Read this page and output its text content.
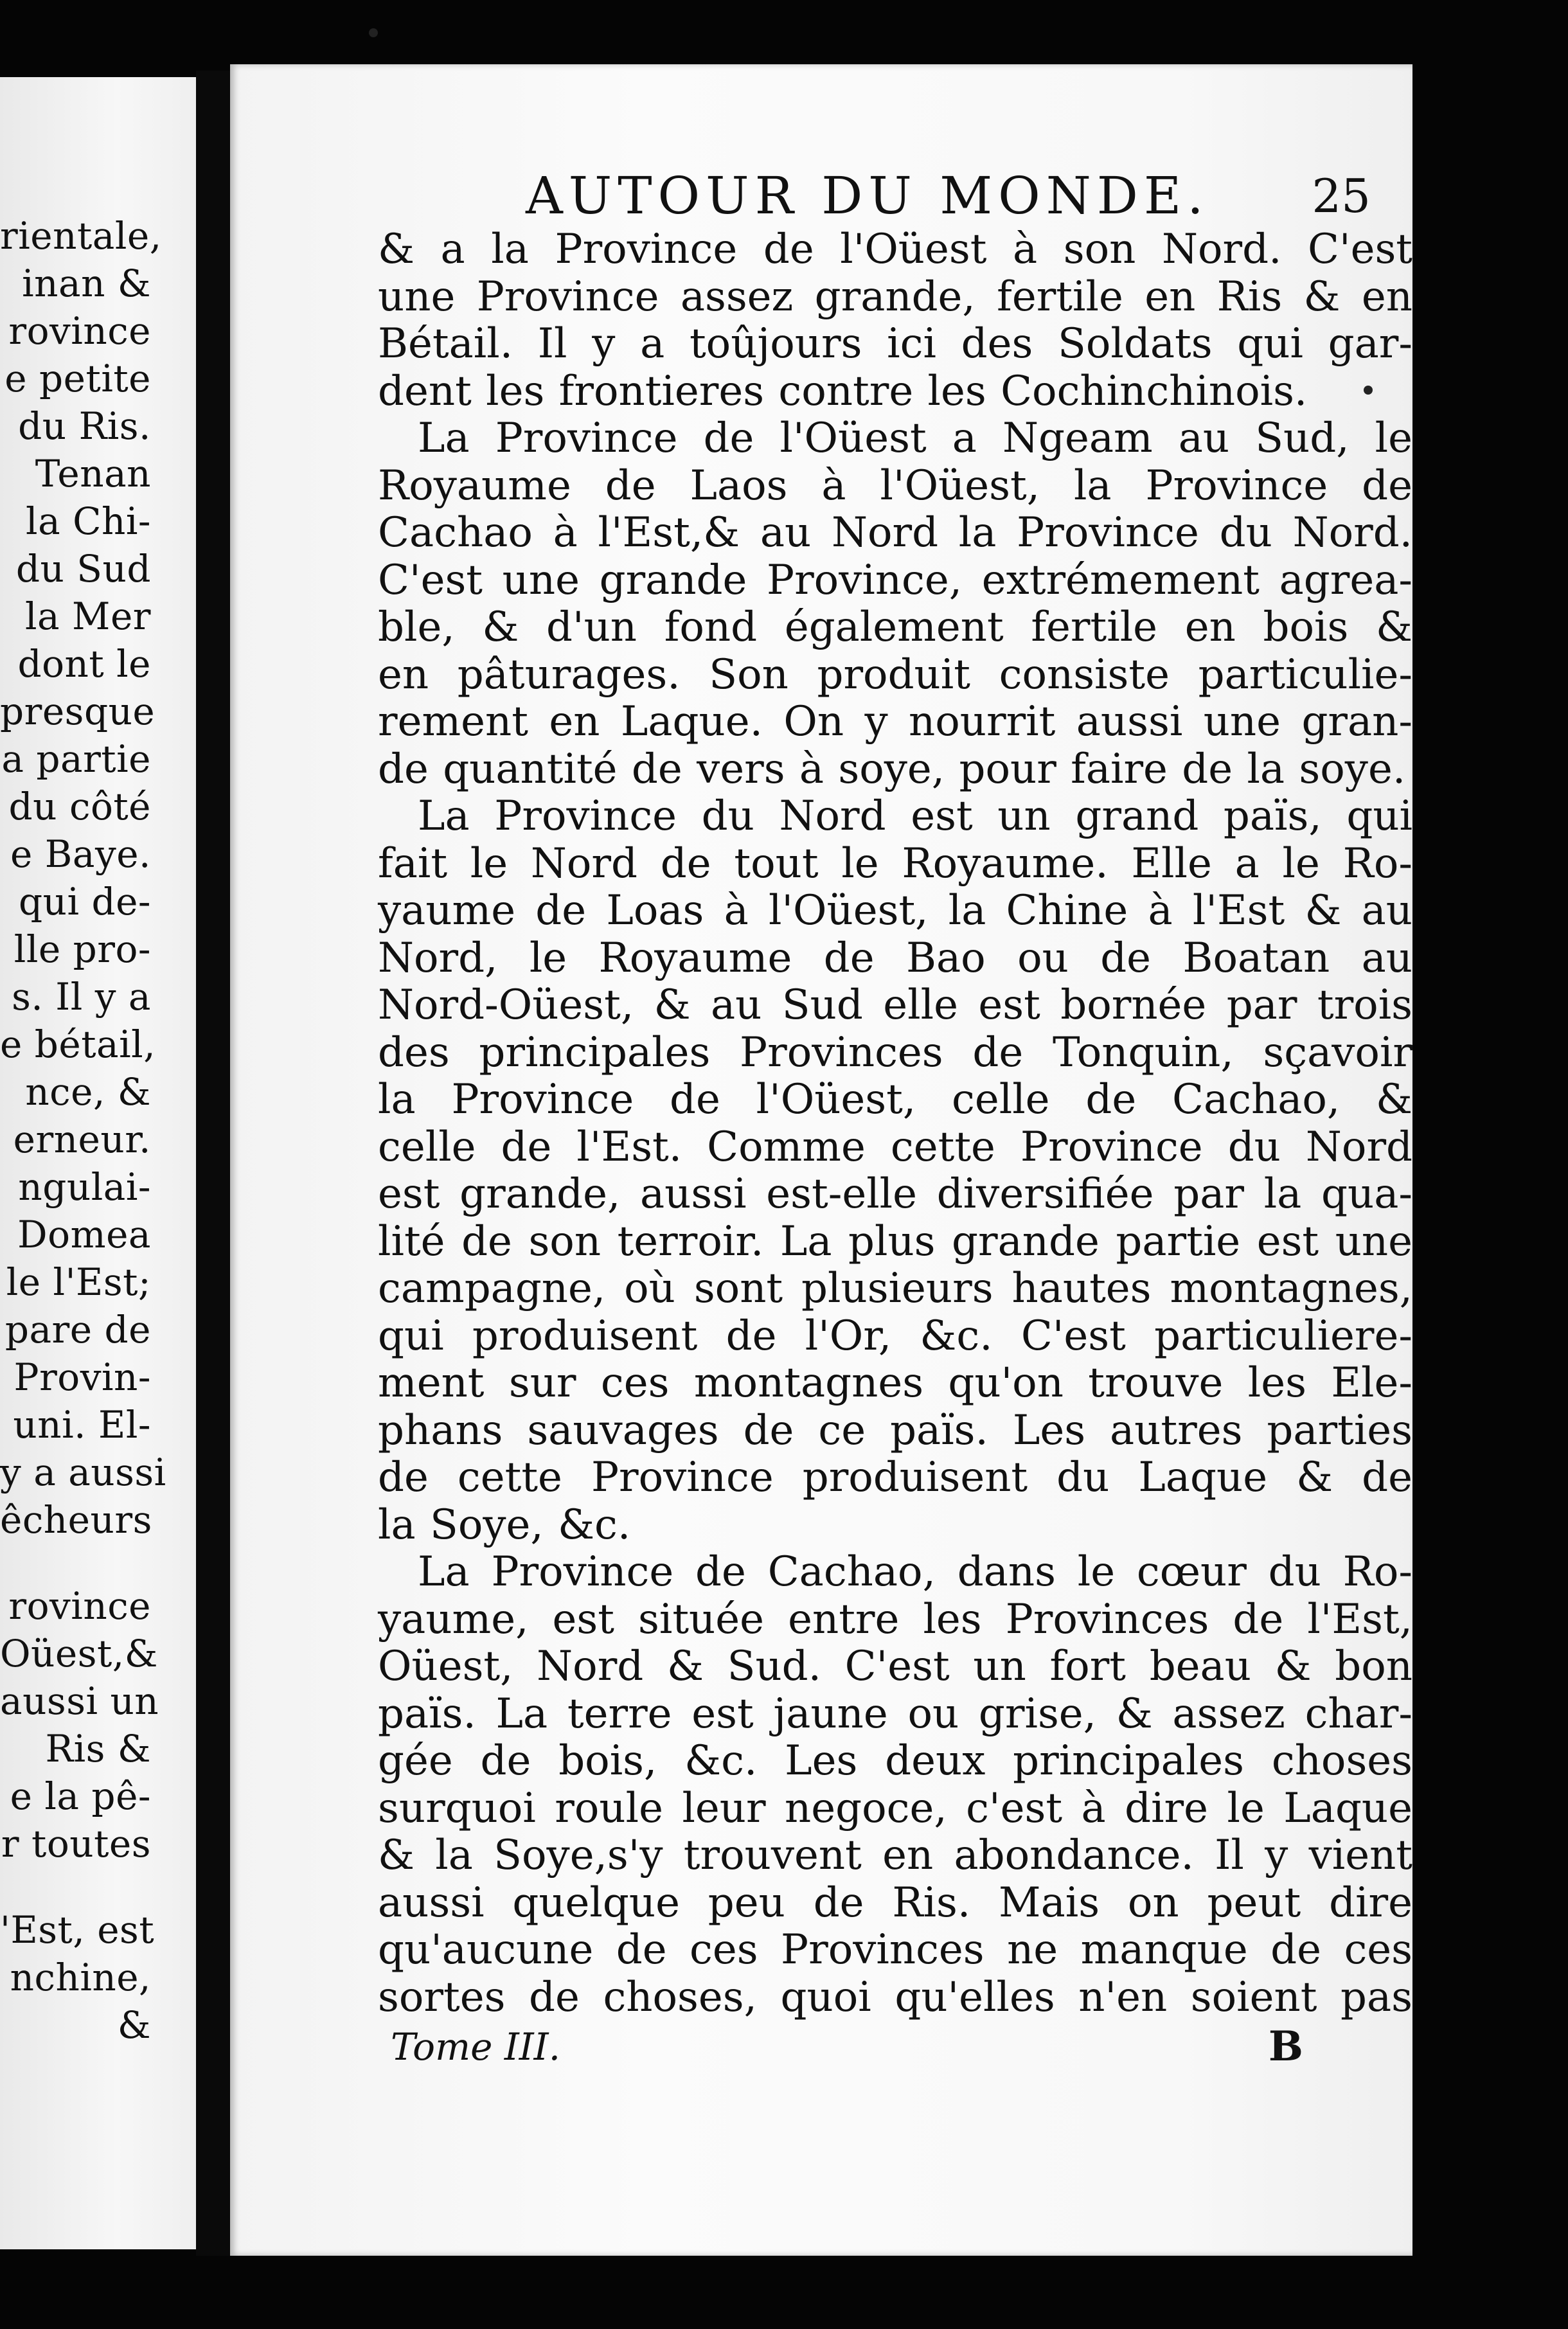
rientale,
inan &
rovince
e petite
du Ris.
Tenan
la Chi-
du Sud
la Mer
dont le
presque
a partie
du côté
e Baye.
qui de-
lle pro-
s. Il y a
e bétail,
nce, &
erneur.
ngulai-
Domea
le l'Est;
pare de
Provin-
uni. El-
y a aussi
êcheurs
rovince
Oüest,&
aussi un
Ris &
e la pê-
r toutes
'Est, est
nchine,
&
AUTOUR DU MONDE. 25
& a la Province de l'Oüest à son Nord. C'est
une Province assez grande, fertile en Ris & en
Bétail. Il y a toûjours ici des Soldats qui gar-
dent les frontieres contre les Cochinchinois.
La Province de l'Oüest a Ngeam au Sud, le
Royaume de Laos à l'Oüest, la Province de
Cachao à l'Est,& au Nord la Province du Nord.
C'est une grande Province, extrémement agrea-
ble, & d'un fond également fertile en bois &
en pâturages. Son produit consiste particulie-
rement en Laque. On y nourrit aussi une gran-
de quantité de vers à soye, pour faire de la soye.
La Province du Nord est un grand païs, qui
fait le Nord de tout le Royaume. Elle a le Ro-
yaume de Loas à l'Oüest, la Chine à l'Est & au
Nord, le Royaume de Bao ou de Boatan au
Nord-Oüest, & au Sud elle est bornée par trois
des principales Provinces de Tonquin, sçavoir
la Province de l'Oüest, celle de Cachao, &
celle de l'Est. Comme cette Province du Nord
est grande, aussi est-elle diversifiée par la qua-
lité de son terroir. La plus grande partie est une
campagne, où sont plusieurs hautes montagnes,
qui produisent de l'Or, &c. C'est particuliere-
ment sur ces montagnes qu'on trouve les Ele-
phans sauvages de ce païs. Les autres parties
de cette Province produisent du Laque & de
la Soye, &c.
La Province de Cachao, dans le cœur du Ro-
yaume, est située entre les Provinces de l'Est,
Oüest, Nord & Sud. C'est un fort beau & bon
païs. La terre est jaune ou grise, & assez char-
gée de bois, &c. Les deux principales choses
surquoi roule leur negoce, c'est à dire le Laque
& la Soye,s'y trouvent en abondance. Il y vient
aussi quelque peu de Ris. Mais on peut dire
qu'aucune de ces Provinces ne manque de ces
sortes de choses, quoi qu'elles n'en soient pas
Tome III.	B
